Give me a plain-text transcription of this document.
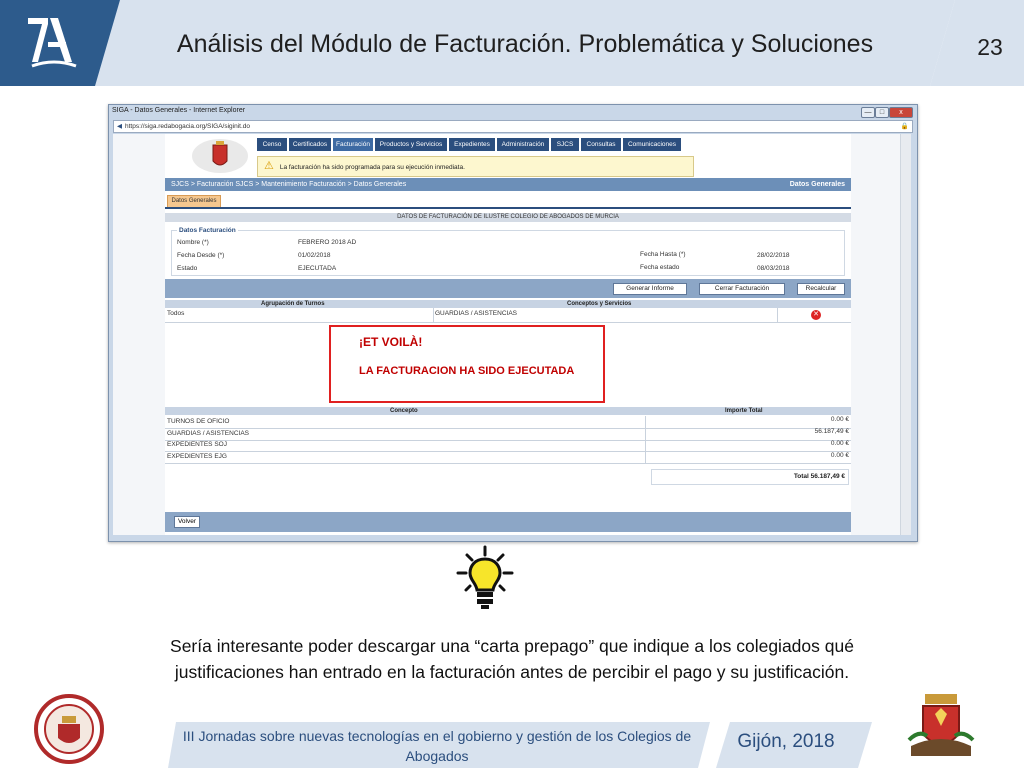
Análisis del Módulo de Facturación. Problemática y Soluciones	23
SIGA - Datos Generales - Internet Explorer	—	□	x
◀ https://siga.redabogacia.org/SIGA/siginit.do	🔒
Censo	Certificados	Facturación	Productos y Servicios	Expedientes	Administración	SJCS	Consultas	Comunicaciones
⚠ La facturación ha sido programada para su ejecución inmediata.
SJCS > Facturación SJCS > Mantenimiento Facturación > Datos Generales	Datos Generales
Datos Generales
DATOS DE FACTURACIÓN DE ILUSTRE COLEGIO DE ABOGADOS DE MURCIA
Datos Facturación
Nombre (*)	FEBRERO 2018 AD
Fecha Desde (*)	01/02/2018
Estado	EJECUTADA
Fecha Hasta (*)	28/02/2018
Fecha estado	08/03/2018
Generar Informe	Cerrar Facturación	Recalcular
Agrupación de Turnos	Conceptos y Servicios
Todos	GUARDIAS / ASISTENCIAS	✕
Concepto	Importe Total
TURNOS DE OFICIO	0.00 €
GUARDIAS / ASISTENCIAS	56.187,49 €
EXPEDIENTES SOJ	0.00 €
EXPEDIENTES EJG	0.00 €
Total 56.187,49 €
Volver
¡ET VOILÀ!
LA FACTURACION HA SIDO EJECUTADA
Sería interesante poder descargar una “carta prepago” que indique a los colegiados qué justificaciones han entrado en la facturación antes de percibir el pago y su justificación.
III Jornadas sobre nuevas tecnologías en el gobierno y gestión de los Colegios de Abogados
Gijón, 2018
